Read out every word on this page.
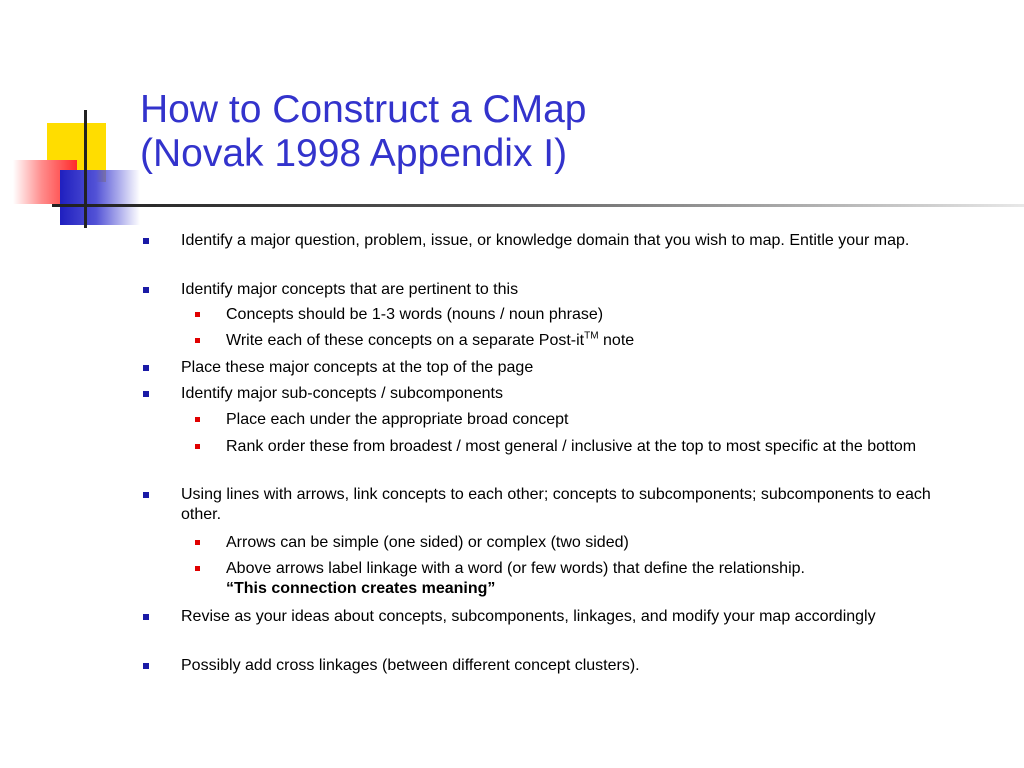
How to Construct a CMap
(Novak 1998 Appendix I)
Identify a major question, problem, issue, or knowledge domain that you wish to map. Entitle your map.
Identify major concepts that are pertinent to this
Concepts should be 1-3 words (nouns / noun phrase)
Write each of these concepts on a separate Post-it™ note
Place these major concepts at the top of the page
Identify major sub-concepts / subcomponents
Place each under the appropriate broad concept
Rank order these from broadest / most general / inclusive at the top to most specific at the bottom
Using lines with arrows, link concepts to each other; concepts to subcomponents; subcomponents to each other.
Arrows can be simple (one sided) or complex (two sided)
Above arrows label linkage with a word (or few words) that define the relationship.
“This connection creates meaning”
Revise as your ideas about concepts, subcomponents, linkages, and modify your map accordingly
Possibly add cross linkages (between different concept clusters).
